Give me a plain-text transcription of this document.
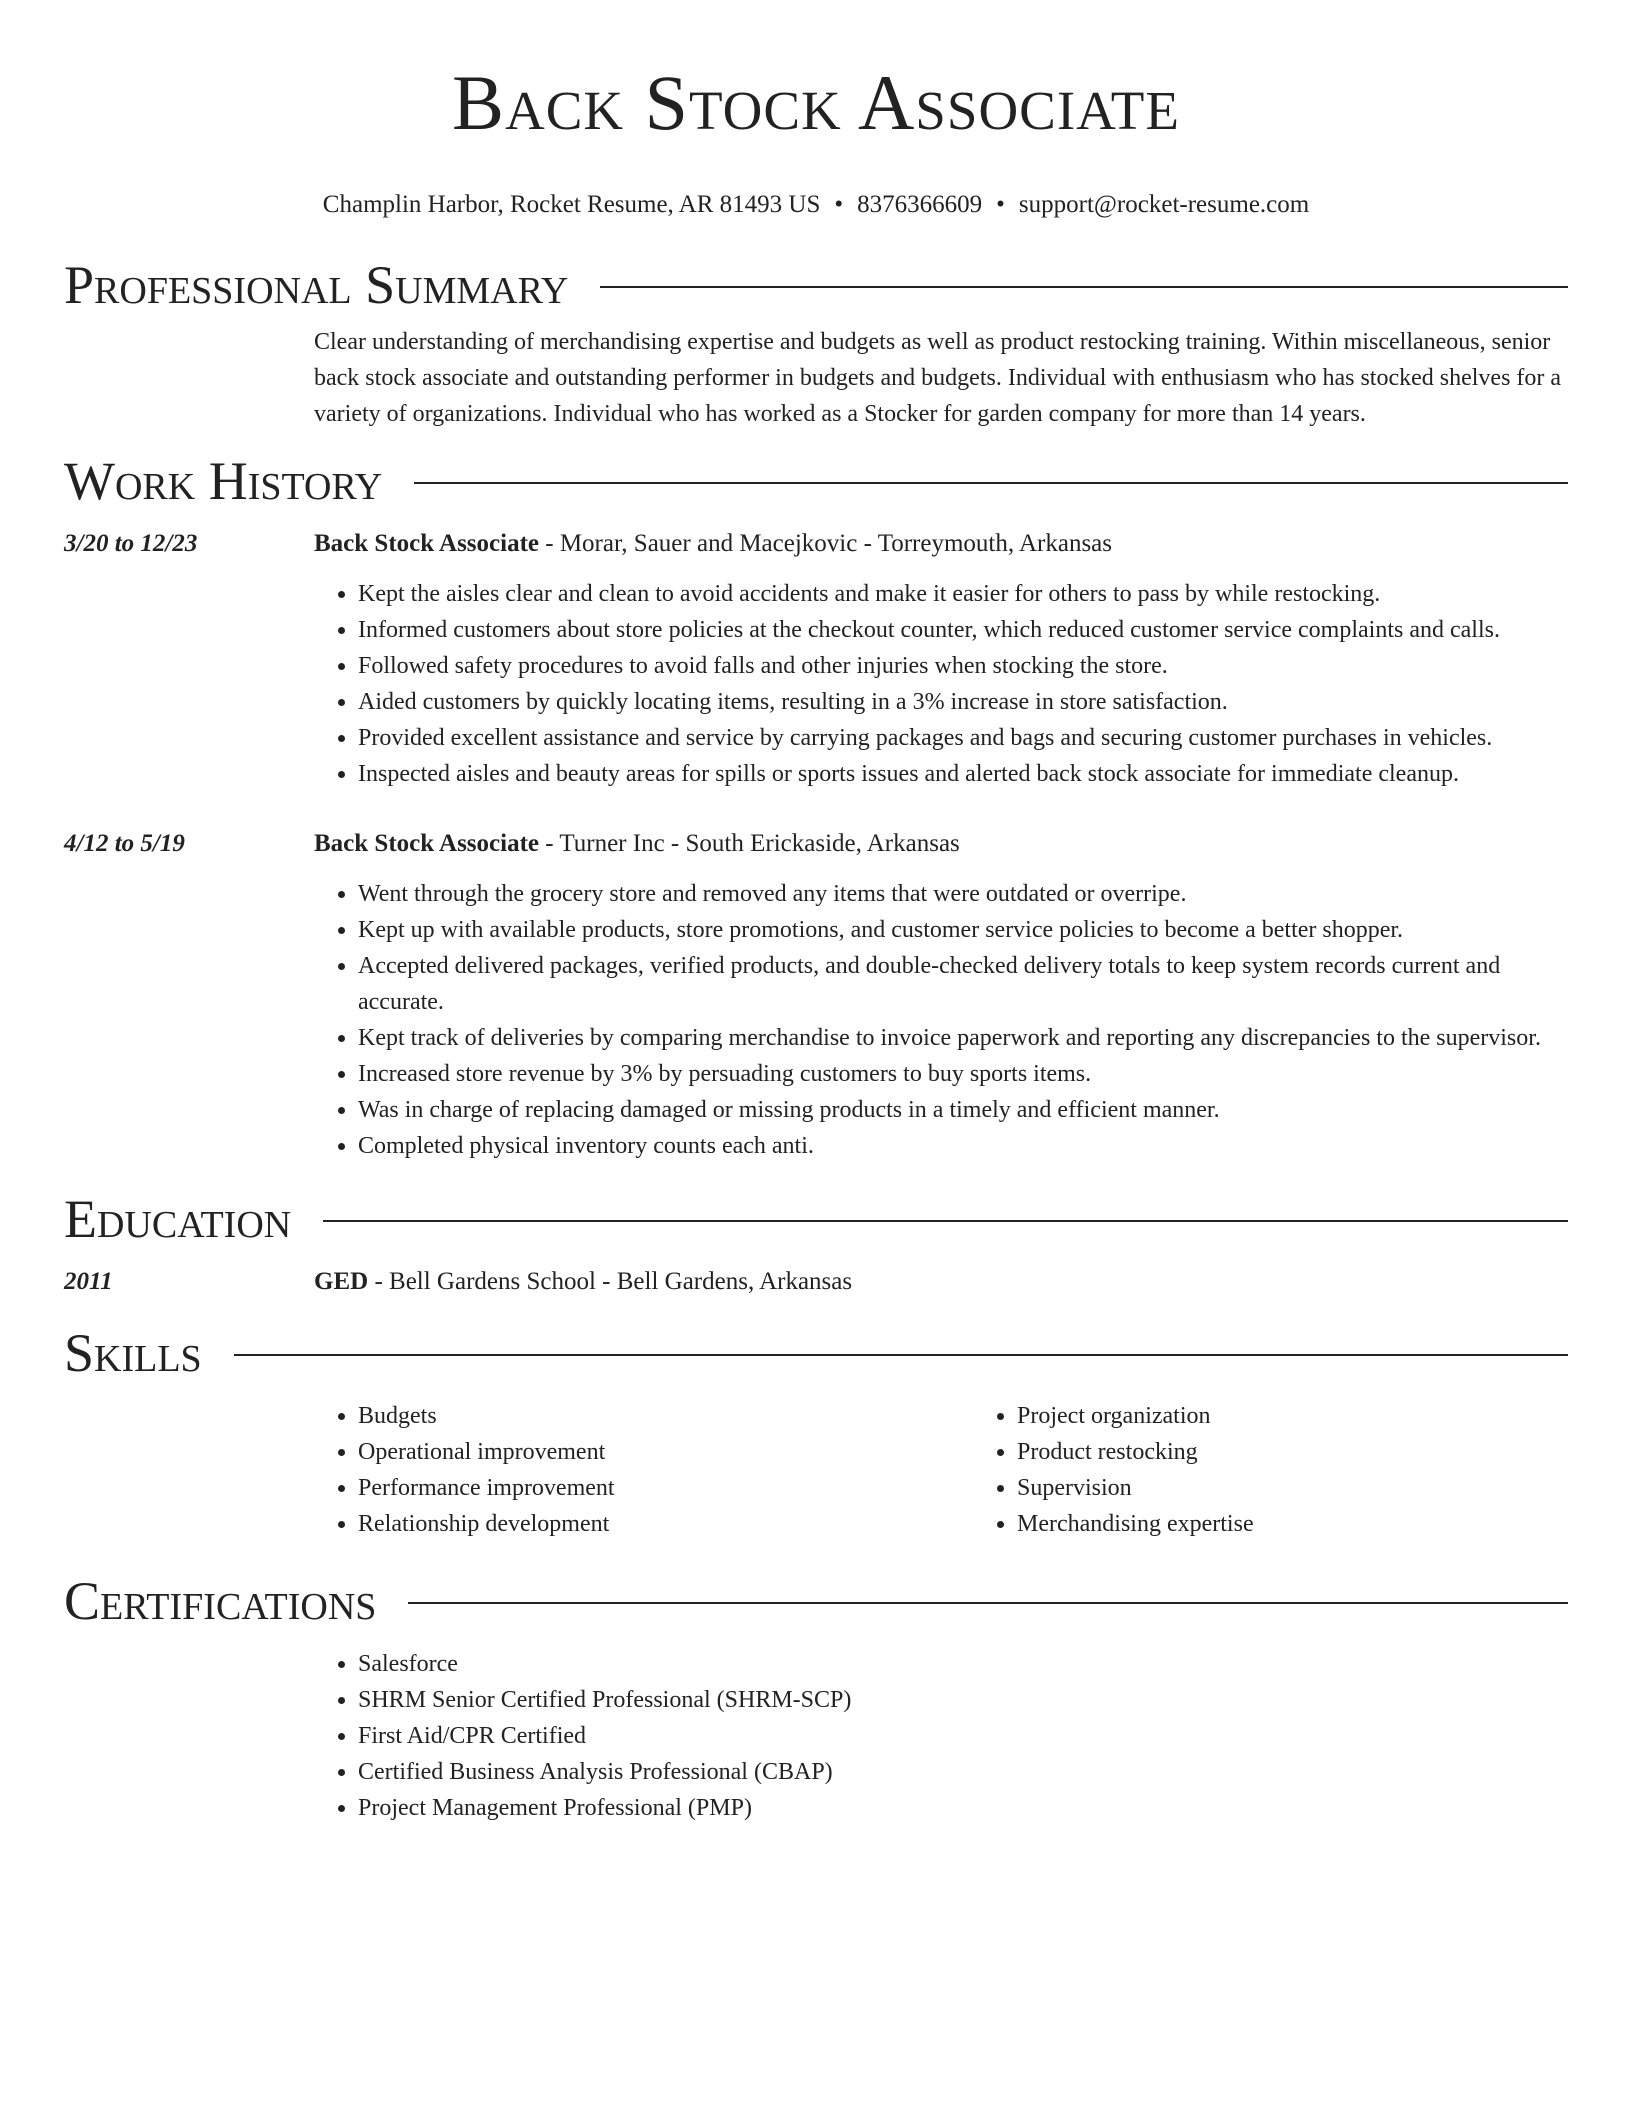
Back Stock Associate
Champlin Harbor, Rocket Resume, AR 81493 US • 8376366609 • support@rocket-resume.com
Professional Summary
Clear understanding of merchandising expertise and budgets as well as product restocking training. Within miscellaneous, senior back stock associate and outstanding performer in budgets and budgets. Individual with enthusiasm who has stocked shelves for a variety of organizations. Individual who has worked as a Stocker for garden company for more than 14 years.
Work History
3/20 to 12/23	Back Stock Associate - Morar, Sauer and Macejkovic - Torreymouth, Arkansas
• Kept the aisles clear and clean to avoid accidents and make it easier for others to pass by while restocking.
• Informed customers about store policies at the checkout counter, which reduced customer service complaints and calls.
• Followed safety procedures to avoid falls and other injuries when stocking the store.
• Aided customers by quickly locating items, resulting in a 3% increase in store satisfaction.
• Provided excellent assistance and service by carrying packages and bags and securing customer purchases in vehicles.
• Inspected aisles and beauty areas for spills or sports issues and alerted back stock associate for immediate cleanup.
4/12 to 5/19	Back Stock Associate - Turner Inc - South Erickaside, Arkansas
• Went through the grocery store and removed any items that were outdated or overripe.
• Kept up with available products, store promotions, and customer service policies to become a better shopper.
• Accepted delivered packages, verified products, and double-checked delivery totals to keep system records current and accurate.
• Kept track of deliveries by comparing merchandise to invoice paperwork and reporting any discrepancies to the supervisor.
• Increased store revenue by 3% by persuading customers to buy sports items.
• Was in charge of replacing damaged or missing products in a timely and efficient manner.
• Completed physical inventory counts each anti.
Education
2011	GED - Bell Gardens School - Bell Gardens, Arkansas
Skills
• Budgets
• Operational improvement
• Performance improvement
• Relationship development
• Project organization
• Product restocking
• Supervision
• Merchandising expertise
Certifications
• Salesforce
• SHRM Senior Certified Professional (SHRM-SCP)
• First Aid/CPR Certified
• Certified Business Analysis Professional (CBAP)
• Project Management Professional (PMP)
